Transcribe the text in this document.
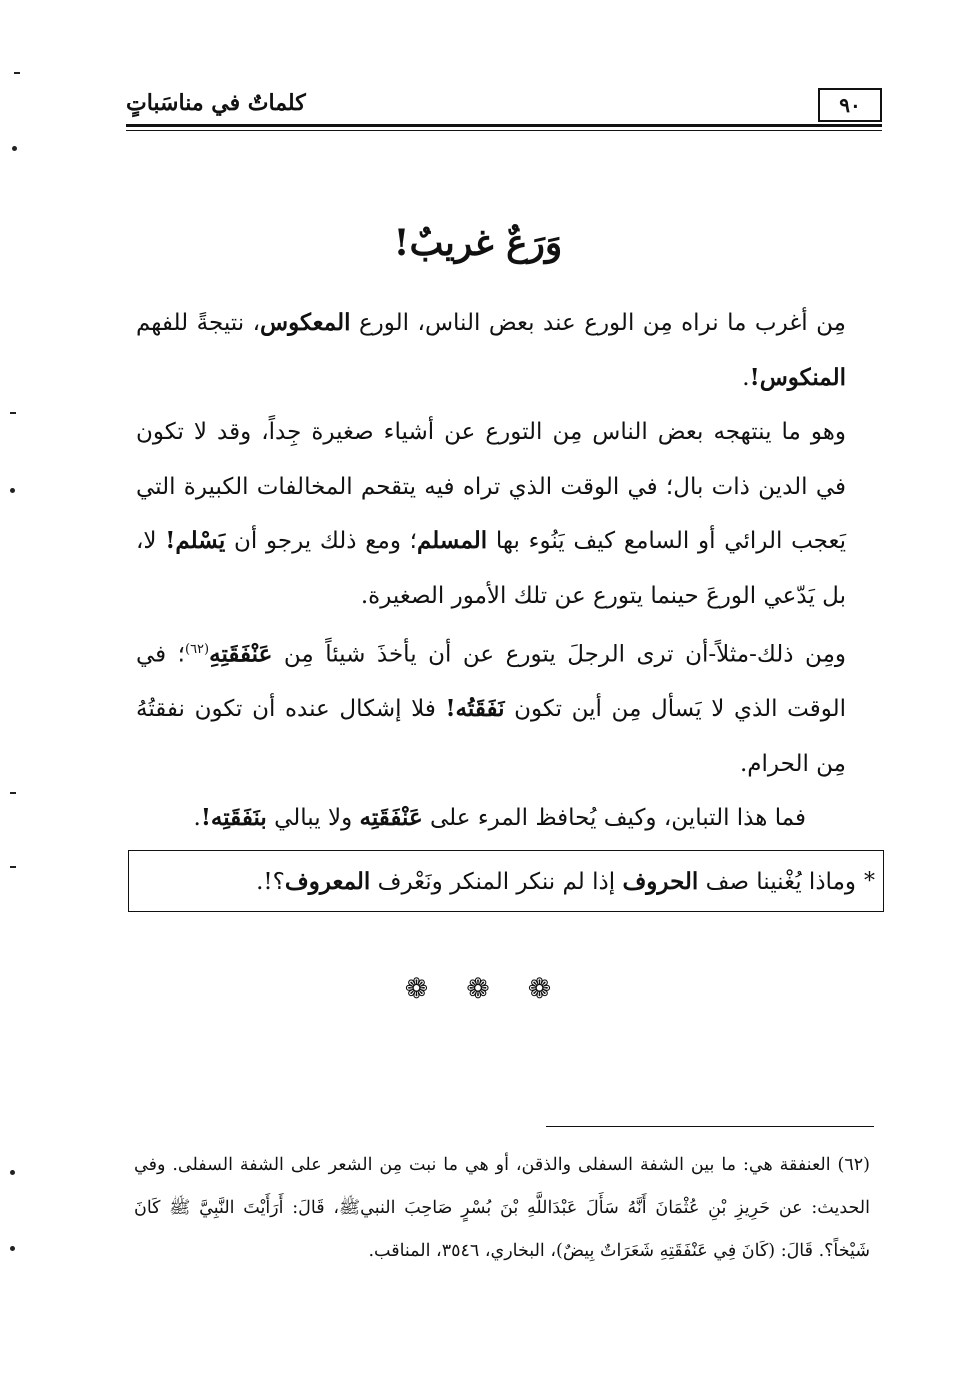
٩٠
كلماتٌ في مناسَباتٍ
وَرَعٌ غريبٌ!

مِن أغرب ما نراه مِن الورع عند بعض الناس، الورع المعكوس، نتيجةً للفهم المنكوس!.

وهو ما ينتهجه بعض الناس مِن التورع عن أشياء صغيرة جِداً، وقد لا تكون في الدين ذات بال؛ في الوقت الذي تراه فيه يتقحم المخالفات الكبيرة التي يَعجب الرائي أو السامع كيف يَنُوء بها المسلم؛ ومع ذلك يرجو أن يَسْلم! لا، بل يَدّعي الورعَ حينما يتورع عن تلك الأمور الصغيرة.

ومِن ذلك-مثلاً-أن ترى الرجلَ يتورع عن أن يأخذَ شيئاً مِن عَنْفَقَتِهِ$^{(٦٢)}$؛ في الوقت الذي لا يَسأل مِن أين تكون نَفَقَتُه! فلا إشكال عنده أن تكون نفقتُهُ مِن الحرام.

فما هذا التباين، وكيف يُحافظ المرء على عَنْفَقَتِه ولا يبالي بنَفَقَتِه!.

*
وماذا يُغْنينا صف الحروف إذا لم ننكر المنكر ونَعْرف المعروف؟!.
❁ ❁ ❁
(٦٢) العنفقة هي: ما بين الشفة السفلى والذقن، أو هي ما نبت مِن الشعر على الشفة السفلى. وفي الحديث: عن حَرِيزِ بْنِ عُثْمَانَ أَنَّهُ سَأَلَ عَبْدَاللَّهِ بْنَ بُسْرٍ صَاحِبَ النبيﷺ، قَالَ: أَرَأَيْتَ النَّبِيَّ ﷺ كَانَ شَيْخاً؟. قَالَ: (كَانَ فِي عَنْفَقَتِهِ شَعَرَاتٌ بِيضٌ)، البخاري، ٣٥٤٦، المناقب.
